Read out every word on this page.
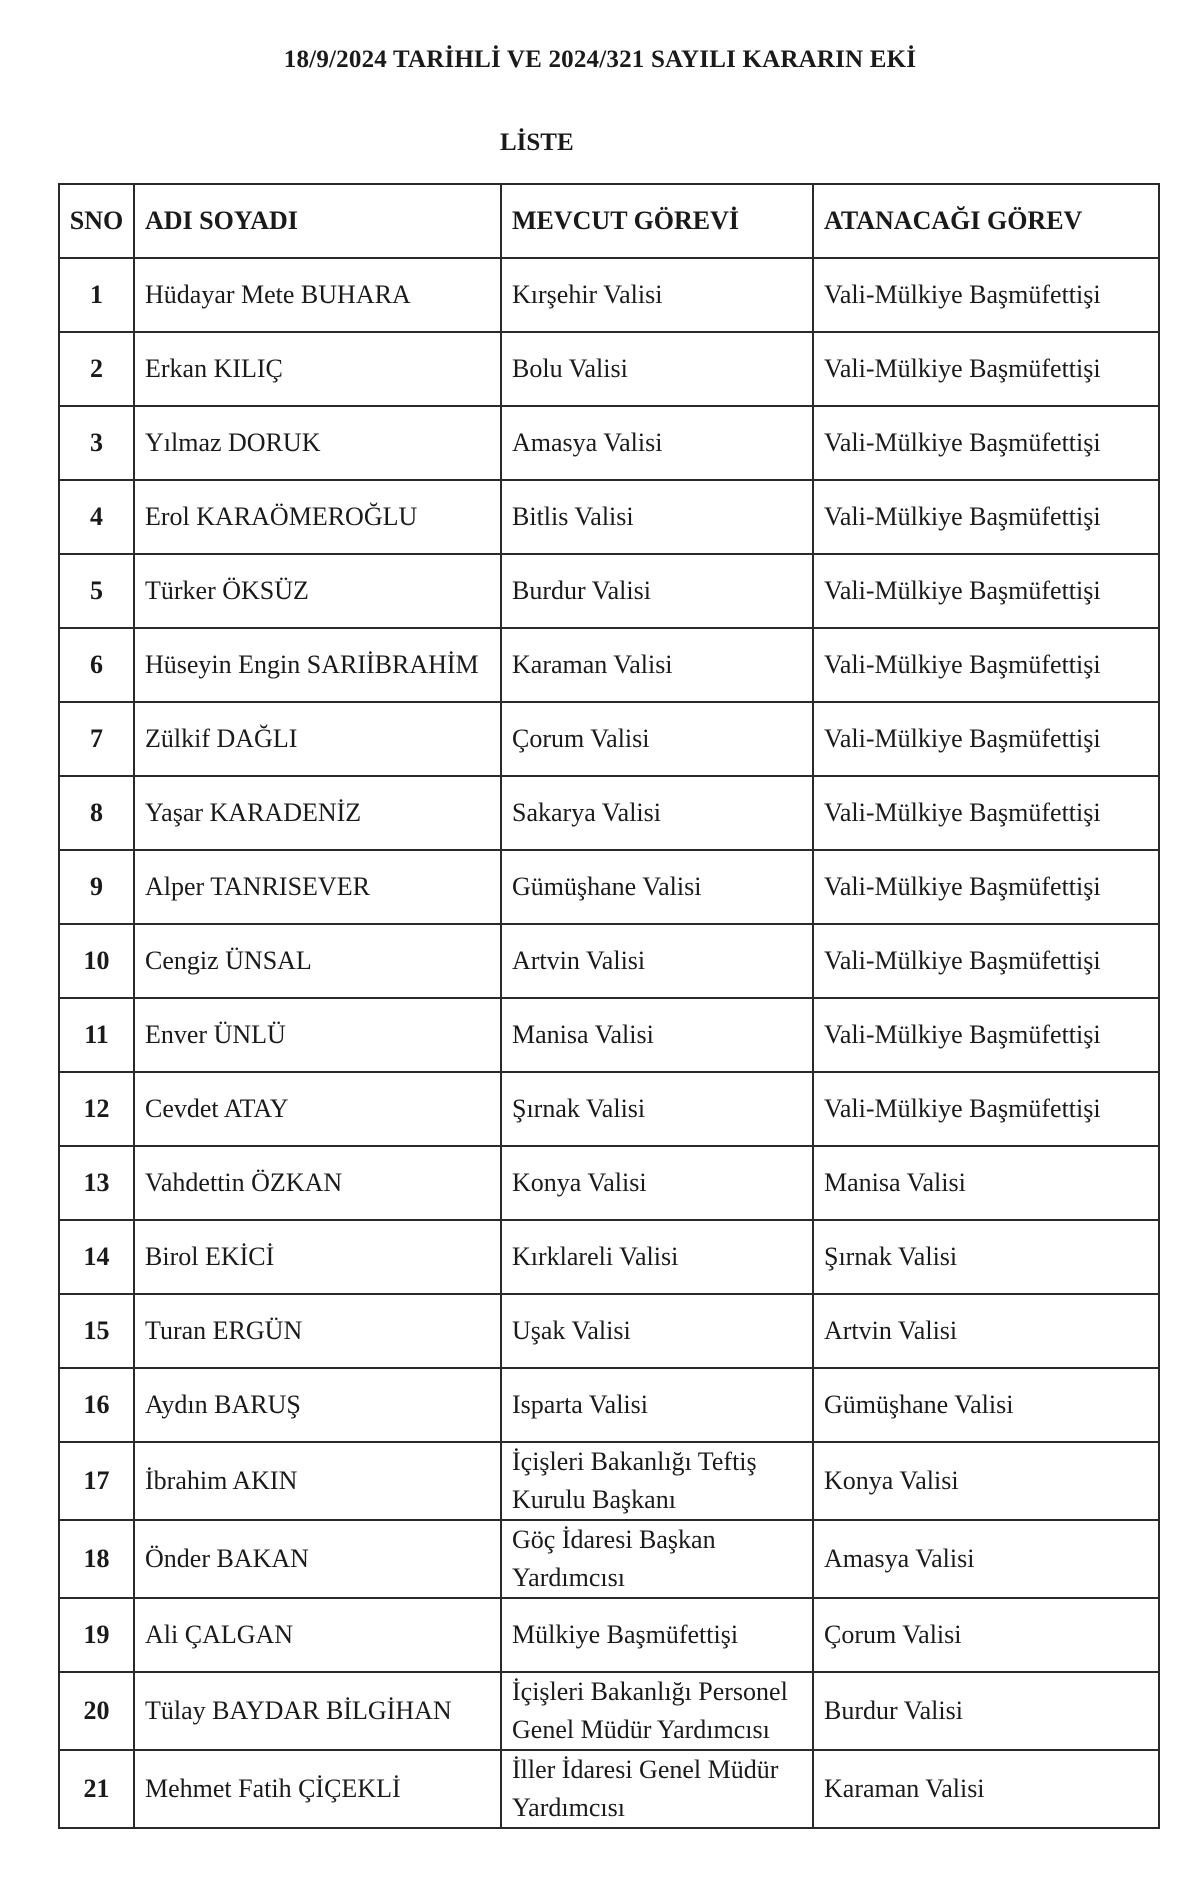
18/9/2024 TARİHLİ VE 2024/321 SAYILI KARARIN EKİ
LİSTE
SNO	ADI SOYADI	MEVCUT GÖREVİ	ATANACAĞI GÖREV
1	Hüdayar Mete BUHARA	Kırşehir Valisi	Vali-Mülkiye Başmüfettişi
2	Erkan KILIÇ	Bolu Valisi	Vali-Mülkiye Başmüfettişi
3	Yılmaz DORUK	Amasya Valisi	Vali-Mülkiye Başmüfettişi
4	Erol KARAÖMEROĞLU	Bitlis Valisi	Vali-Mülkiye Başmüfettişi
5	Türker ÖKSÜZ	Burdur Valisi	Vali-Mülkiye Başmüfettişi
6	Hüseyin Engin SARIİBRAHİM	Karaman Valisi	Vali-Mülkiye Başmüfettişi
7	Zülkif DAĞLI	Çorum Valisi	Vali-Mülkiye Başmüfettişi
8	Yaşar KARADENİZ	Sakarya Valisi	Vali-Mülkiye Başmüfettişi
9	Alper TANRISEVER	Gümüşhane Valisi	Vali-Mülkiye Başmüfettişi
10	Cengiz ÜNSAL	Artvin Valisi	Vali-Mülkiye Başmüfettişi
11	Enver ÜNLÜ	Manisa Valisi	Vali-Mülkiye Başmüfettişi
12	Cevdet ATAY	Şırnak Valisi	Vali-Mülkiye Başmüfettişi
13	Vahdettin ÖZKAN	Konya Valisi	Manisa Valisi
14	Birol EKİCİ	Kırklareli Valisi	Şırnak Valisi
15	Turan ERGÜN	Uşak Valisi	Artvin Valisi
16	Aydın BARUŞ	Isparta Valisi	Gümüşhane Valisi
17	İbrahim AKIN	İçişleri Bakanlığı Teftiş Kurulu Başkanı	Konya Valisi
18	Önder BAKAN	Göç İdaresi Başkan Yardımcısı	Amasya Valisi
19	Ali ÇALGAN	Mülkiye Başmüfettişi	Çorum Valisi
20	Tülay BAYDAR BİLGİHAN	İçişleri Bakanlığı Personel Genel Müdür Yardımcısı	Burdur Valisi
21	Mehmet Fatih ÇİÇEKLİ	İller İdaresi Genel Müdür Yardımcısı	Karaman Valisi
